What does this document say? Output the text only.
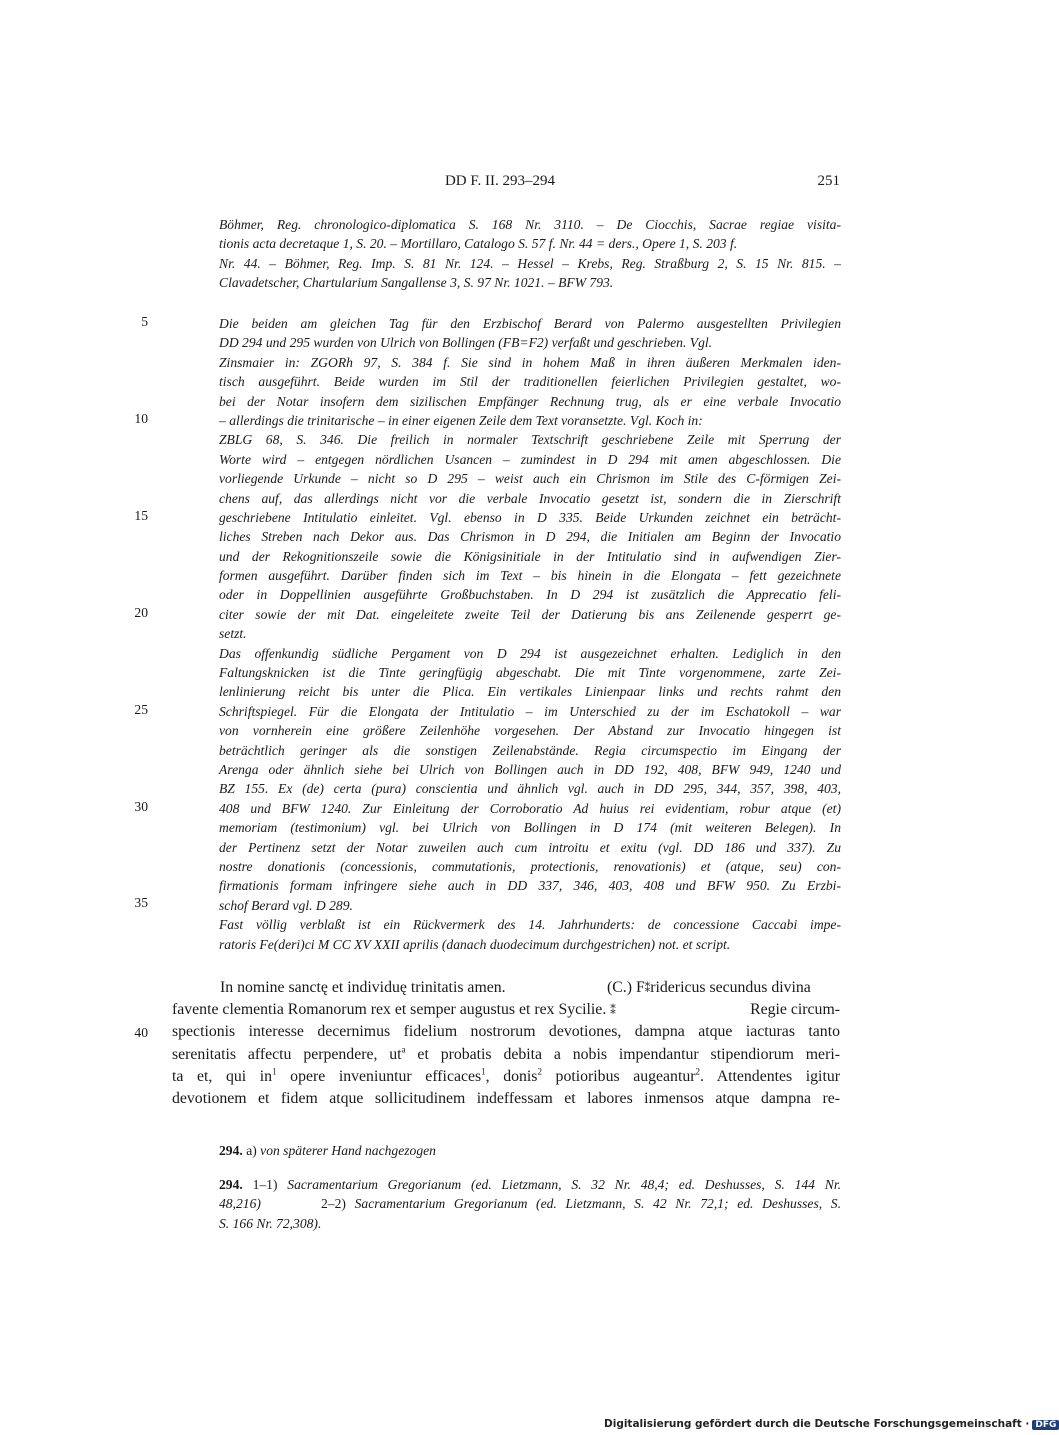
DD F. II. 293–294	251
Böhmer, Reg. chronologico-diplomatica S. 168 Nr. 3110. – De Ciocchis, Sacrae regiae visita-
tionis acta decretaque 1, S. 20. – Mortillaro, Catalogo S. 57 f. Nr. 44 = ders., Opere 1, S. 203 f.
Nr. 44. – Böhmer, Reg. Imp. S. 81 Nr. 124. – Hessel – Krebs, Reg. Straßburg 2, S. 15 Nr. 815. –
Clavadetscher, Chartularium Sangallense 3, S. 97 Nr. 1021. – BFW 793.
Die beiden am gleichen Tag für den Erzbischof Berard von Palermo ausgestellten Privilegien
DD 294 und 295 wurden von Ulrich von Bollingen (FB=F2) verfaßt und geschrieben. Vgl.
Zinsmaier in: ZGORh 97, S. 384 f. Sie sind in hohem Maß in ihren äußeren Merkmalen iden-
tisch ausgeführt. Beide wurden im Stil der traditionellen feierlichen Privilegien gestaltet, wo-
bei der Notar insofern dem sizilischen Empfänger Rechnung trug, als er eine verbale Invocatio
– allerdings die trinitarische – in einer eigenen Zeile dem Text voransetzte. Vgl. Koch in:
ZBLG 68, S. 346. Die freilich in normaler Textschrift geschriebene Zeile mit Sperrung der
Worte wird – entgegen nördlichen Usancen – zumindest in D 294 mit amen abgeschlossen. Die
vorliegende Urkunde – nicht so D 295 – weist auch ein Chrismon im Stile des C-förmigen Zei-
chens auf, das allerdings nicht vor die verbale Invocatio gesetzt ist, sondern die in Zierschrift
geschriebene Intitulatio einleitet. Vgl. ebenso in D 335. Beide Urkunden zeichnet ein beträcht-
liches Streben nach Dekor aus. Das Chrismon in D 294, die Initialen am Beginn der Invocatio
und der Rekognitionszeile sowie die Königsinitiale in der Intitulatio sind in aufwendigen Zier-
formen ausgeführt. Darüber finden sich im Text – bis hinein in die Elongata – fett gezeichnete
oder in Doppellinien ausgeführte Großbuchstaben. In D 294 ist zusätzlich die Apprecatio feli-
citer sowie der mit Dat. eingeleitete zweite Teil der Datierung bis ans Zeilenende gesperrt ge-
setzt.
Das offenkundig südliche Pergament von D 294 ist ausgezeichnet erhalten. Lediglich in den
Faltungsknicken ist die Tinte geringfügig abgeschabt. Die mit Tinte vorgenommene, zarte Zei-
lenlinierung reicht bis unter die Plica. Ein vertikales Linienpaar links und rechts rahmt den
Schriftspiegel. Für die Elongata der Intitulatio – im Unterschied zu der im Eschatokoll – war
von vornherein eine größere Zeilenhöhe vorgesehen. Der Abstand zur Invocatio hingegen ist
beträchtlich geringer als die sonstigen Zeilenabstände. Regia circumspectio im Eingang der
Arenga oder ähnlich siehe bei Ulrich von Bollingen auch in DD 192, 408, BFW 949, 1240 und
BZ 155. Ex (de) certa (pura) conscientia und ähnlich vgl. auch in DD 295, 344, 357, 398, 403,
408 und BFW 1240. Zur Einleitung der Corroboratio Ad huius rei evidentiam, robur atque (et)
memoriam (testimonium) vgl. bei Ulrich von Bollingen in D 174 (mit weiteren Belegen). In
der Pertinenz setzt der Notar zuweilen auch cum introitu et exitu (vgl. DD 186 und 337). Zu
nostre donationis (concessionis, commutationis, protectionis, renovationis) et (atque, seu) con-
firmationis formam infringere siehe auch in DD 337, 346, 403, 408 und BFW 950. Zu Erzbi-
schof Berard vgl. D 289.
Fast völlig verblaßt ist ein Rückvermerk des 14. Jahrhunderts: de concessione Caccabi impe-
ratoris Fe(deri)ci M CC XV XXII aprilis (danach duodecimum durchgestrichen) not. et script.
5
10
15
20
25
30
35
40
In nomine sanctę et individuę trinitatis amen.	(C.) F⁑ridericus secundus divina
favente clementia Romanorum rex et semper augustus et rex Sycilie. ⁑	Regie circum-
spectionis interesse decernimus fidelium nostrorum devotiones, dampna atque iacturas tanto
serenitatis affectu perpendere, $ut^a$ et probatis debita a nobis impendantur stipendiorum meri-
ta et, qui $in^1$ opere inveniuntur efficaces$^1$, donis$^2$ potioribus augeantur$^2$. Attendentes igitur
devotionem et fidem atque sollicitudinem indeffessam et labores inmensos atque dampna re-
294. a) von späterer Hand nachgezogen
294. 1–1) Sacramentarium Gregorianum (ed. Lietzmann, S. 32 Nr. 48,4; ed. Deshusses, S. 144 Nr.
48,216)	2–2) Sacramentarium Gregorianum (ed. Lietzmann, S. 42 Nr. 72,1; ed. Deshusses, S.
S. 166 Nr. 72,308).
Digitalisierung gefördert durch die Deutsche Forschungsgemeinschaft · DFG
